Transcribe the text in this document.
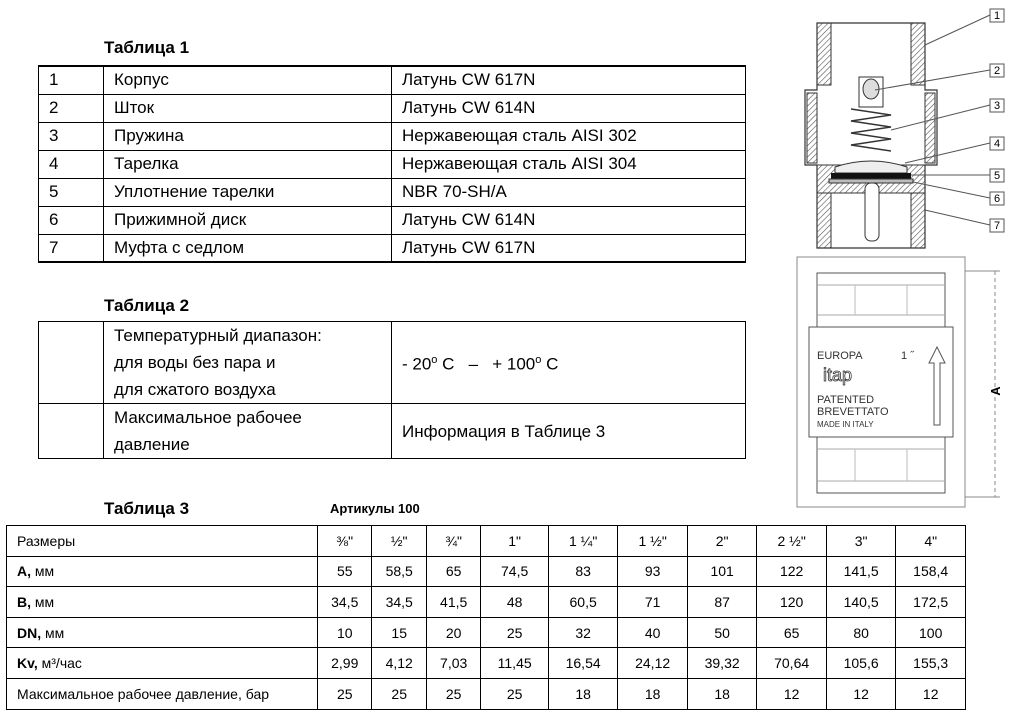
Таблица 1
1	Корпус	Латунь CW 617N
2	Шток	Латунь CW 614N
3	Пружина	Нержавеющая сталь AISI 302
4	Тарелка	Нержавеющая сталь AISI 304
5	Уплотнение тарелки	NBR 70-SH/A
6	Прижимной диск	Латунь CW 614N
7	Муфта с седлом	Латунь CW 617N
Таблица 2

	Температурный диапазон:
для воды без пара и
для сжатого воздуха	- 20$^o$ C   –   + $100^o$ C

	Максимальное рабочее
давление	Информация в Таблице 3
Таблица 3	Артикулы 100
Размеры	⅜"	½"	¾"	1"	1 ¼"	1 ½"	2"	2 ½"	3"	4"
A, мм	55	58,5	65	74,5	83	93	101	122	141,5	158,4
B, мм	34,5	34,5	41,5	48	60,5	71	87	120	140,5	172,5
DN, мм	10	15	20	25	32	40	50	65	80	100
Kv, м³/час	2,99	4,12	7,03	11,45	16,54	24,12	39,32	70,64	105,6	155,3
Максимальное рабочее давление, бар	25	25	25	25	18	18	18	12	12	12
1
2
3
4
5
6
7
EUROPA	1 ˝
itap
PATENTED
BREVETTATO
MADE IN ITALY
A
